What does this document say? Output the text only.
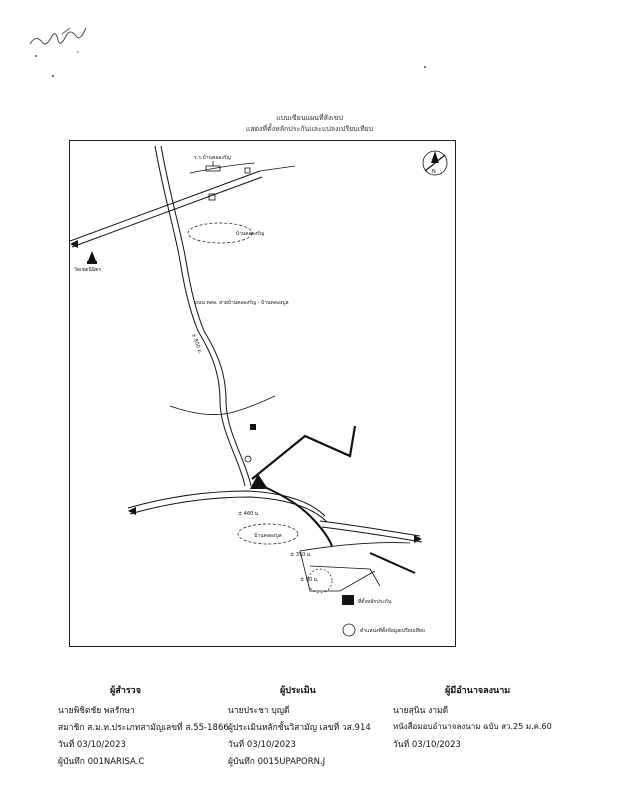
แบบเขียนแผนที่สังเขป
แสดงที่ตั้งหลักประกันและแปลงเปรียบเทียบ
N
บ้านคลองรัญ
บ้านคลองบูล
วัดเขตนิมิตร
ร.ร.บ้านคลองรัญ
ถนน คสล. สายบ้านคลองรัญ - บ้านคลองบูล
± 800 ม.
± 460 ม.
± 350 ม.
± 90 ม.
ที่ตั้งหลักประกัน
ตำแหน่งที่ตั้งข้อมูลเปรียบเทียบ
ผู้สำรวจ
นายพิชิตชัย พลรักษา
สมาชิก ส.ม.ท.ประเภทสามัญเลขที่ ส.55-1866
วันที่ 03/10/2023
ผู้บันทึก 001NARISA.C
ผู้ประเมิน
นายประชา บุญดี
ผู้ประเมินหลักชั้นวิสามัญ เลขที่ วส.914
วันที่ 03/10/2023
ผู้บันทึก 0015UPAPORN.J
ผู้มีอำนาจลงนาม
นายสุนิน งามดี
หนังสือมอบอำนาจลงนาม ฉบับ สว.25 ม.ค.60
วันที่ 03/10/2023
